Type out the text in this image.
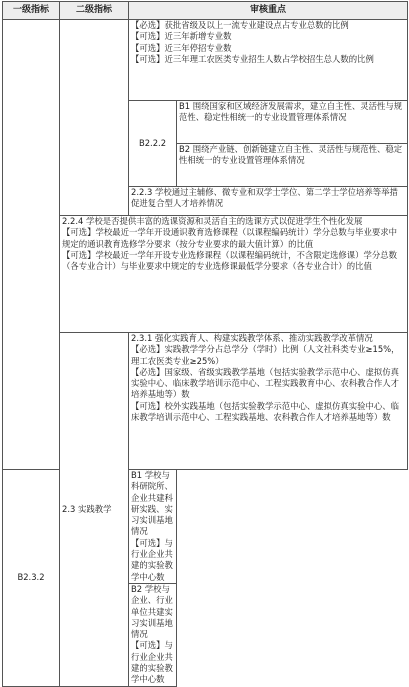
一级指标	二级指标	审核重点	

		【必选】获批省级及以上一流专业建设点占专业总数的比例
【可选】近三年新增专业数
【可选】近三年停招专业数
【可选】近三年理工农医类专业招生人数占学校招生总人数的比例	

		B2.2.2	B1 围绕国家和区域经济发展需求，建立自主性、灵活性与规范性、稳定性相统一的专业设置管理体系情况
			B2 围绕产业链、创新链建立自主性、灵活性与规范性、稳定性相统一的专业设置管理体系情况
		2.2.3 学校通过主辅修、微专业和双学士学位、第二学士学位培养等举措促进复合型人才培养情况	

	2.2.4 学校是否提供丰富的选课资源和灵活自主的选课方式以促进学生个性化发展
【可选】学校最近一学年开设通识教育选修课程（以课程编码统计）学分总数与毕业要求中规定的通识教育选修学分要求（按分专业要求的最大值计算）的比值
【可选】学校最近一学年开设专业选修课程（以课程编码统计，不含限定选修课）学分总数（各专业合计）与毕业要求中规定的专业选修课最低学分要求（各专业合计）的比值		

	2.3 实践教学	2.3.1 强化实践育人、构建实践教学体系、推动实践教学改革情况
【必选】实践教学学分占总学分（学时）比例（人文社科类专业≥15%，理工农医类专业≥25%）
【必选】国家级、省级实践教学基地（包括实验教学示范中心、虚拟仿真实验中心、临床教学培训示范中心、工程实践教育中心、农科教合作人才培养基地等）数
【可选】校外实践基地（包括实验教学示范中心、虚拟仿真实验中心、临床教学培训示范中心、工程实践基地、农科教合作人才培养基地等）数	

B2.3.2		B1 学校与科研院所、企业共建科研实践、实习实训基地情况
【可选】与行业企业共建的实验教学中心数	

		B2 学校与企业、行业单位共建实习实训基地情况
【可选】与行业企业共建的实验教学中心数	
